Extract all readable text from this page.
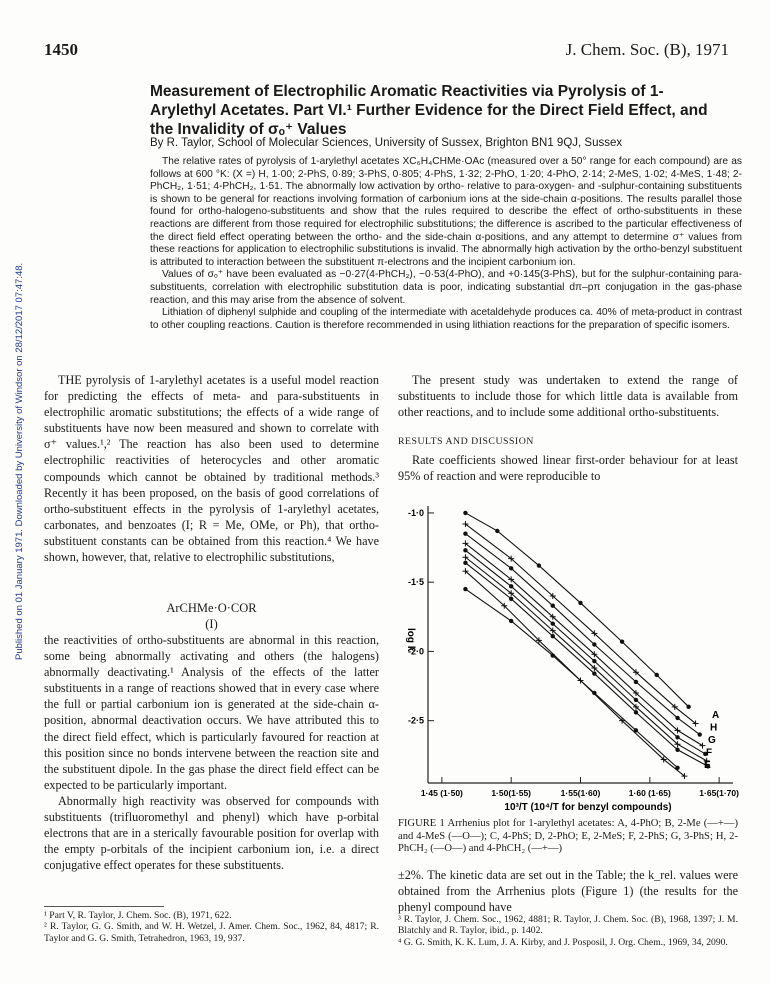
Published on 01 January 1971. Downloaded by University of Windsor on 28/12/2017 07:47:48.
1450	J. Chem. Soc. (B), 1971
Measurement of Electrophilic Aromatic Reactivities via Pyrolysis of 1-Arylethyl Acetates. Part VI.¹ Further Evidence for the Direct Field Effect, and the Invalidity of σₒ⁺ Values
By R. Taylor, School of Molecular Sciences, University of Sussex, Brighton BN1 9QJ, Sussex

The relative rates of pyrolysis of 1-arylethyl acetates XC₆H₄CHMe·OAc (measured over a 50° range for each compound) are as follows at 600 °K: (X =) H, 1·00; 2-PhS, 0·89; 3-PhS, 0·805; 4-PhS, 1·32; 2-PhO, 1·20; 4-PhO, 2·14; 2-MeS, 1·02; 4-MeS, 1·48; 2-PhCH₂, 1·51; 4-PhCH₂, 1·51. The abnormally low activation by ortho- relative to para-oxygen- and -sulphur-containing substituents is shown to be general for reactions involving formation of carbonium ions at the side-chain α-positions. The results parallel those found for ortho-halogeno-substituents and show that the rules required to describe the effect of ortho-substituents in these reactions are different from those required for electrophilic substitutions; the difference is ascribed to the particular effectiveness of the direct field effect operating between the ortho- and the side-chain α-positions, and any attempt to determine σ⁺ values from these reactions for application to electrophilic substitutions is invalid. The abnormally high activation by the ortho-benzyl substituent is attributed to interaction between the substituent π-electrons and the incipient carbonium ion.

Values of σₒ⁺ have been evaluated as −0·27(4-PhCH₂), −0·53(4-PhO), and +0·145(3-PhS), but for the sulphur-containing para-substituents, correlation with electrophilic substitution data is poor, indicating substantial dπ–pπ conjugation in the gas-phase reaction, and this may arise from the absence of solvent.

Lithiation of diphenyl sulphide and coupling of the intermediate with acetaldehyde produces ca. 40% of meta-product in contrast to other coupling reactions. Caution is therefore recommended in using lithiation reactions for the preparation of specific isomers.

THE pyrolysis of 1-arylethyl acetates is a useful model reaction for predicting the effects of meta- and para-substituents in electrophilic aromatic substitutions; the effects of a wide range of substituents have now been measured and shown to correlate with σ⁺ values.¹,² The reaction has also been used to determine electrophilic reactivities of heterocycles and other aromatic compounds which cannot be obtained by traditional methods.³ Recently it has been proposed, on the basis of good correlations of ortho-substituent effects in the pyrolysis of 1-arylethyl acetates, carbonates, and benzoates (I; R = Me, OMe, or Ph), that ortho-substituent constants can be obtained from this reaction.⁴ We have shown, however, that, relative to electrophilic substitutions,

ArCHMe·O·COR
(I)

the reactivities of ortho-substituents are abnormal in this reaction, some being abnormally activating and others (the halogens) abnormally deactivating.¹ Analysis of the effects of the latter substituents in a range of reactions showed that in every case where the full or partial carbonium ion is generated at the side-chain α-position, abnormal deactivation occurs. We have attributed this to the direct field effect, which is particularly favoured for reaction at this position since no bonds intervene between the reaction site and the substituent dipole. In the gas phase the direct field effect can be expected to be particularly important.

Abnormally high reactivity was observed for compounds with substituents (trifluoromethyl and phenyl) which have p-orbital electrons that are in a sterically favourable position for overlap with the empty p-orbitals of the incipient carbonium ion, i.e. a direct conjugative effect operates for these substituents.

¹ Part V, R. Taylor, J. Chem. Soc. (B), 1971, 622.

² R. Taylor, G. G. Smith, and W. H. Wetzel, J. Amer. Chem. Soc., 1962, 84, 4817; R. Taylor and G. G. Smith, Tetrahedron, 1963, 19, 937.

The present study was undertaken to extend the range of substituents to include those for which little data is available from other reactions, and to include some additional ortho-substituents.

RESULTS AND DISCUSSION

Rate coefficients showed linear first-order behaviour for at least 95% of reaction and were reproducible to

-1·0
-1·5
-2·0
-2·5
1·45 (1·50)	1·50(1·55)	1·55(1·60)	1·60 (1·65)	1·65(1·70)
A
H
G
F
E
log k
10³/T (10⁴/T for benzyl compounds)
FIGURE 1 Arrhenius plot for 1-arylethyl acetates: A, 4-PhO; B, 2-Me (—+—) and 4-MeS (—O—); C, 4-PhS; D, 2-PhO; E, 2-MeS; F, 2-PhS; G, 3-PhS; H, 2-PhCH₂ (—O—) and 4-PhCH₂ (—+—)

±2%. The kinetic data are set out in the Table; the k_rel. values were obtained from the Arrhenius plots (Figure 1) (the results for the phenyl compound have

³ R. Taylor, J. Chem. Soc., 1962, 4881; R. Taylor, J. Chem. Soc. (B), 1968, 1397; J. M. Blatchly and R. Taylor, ibid., p. 1402.

⁴ G. G. Smith, K. K. Lum, J. A. Kirby, and J. Posposil, J. Org. Chem., 1969, 34, 2090.
